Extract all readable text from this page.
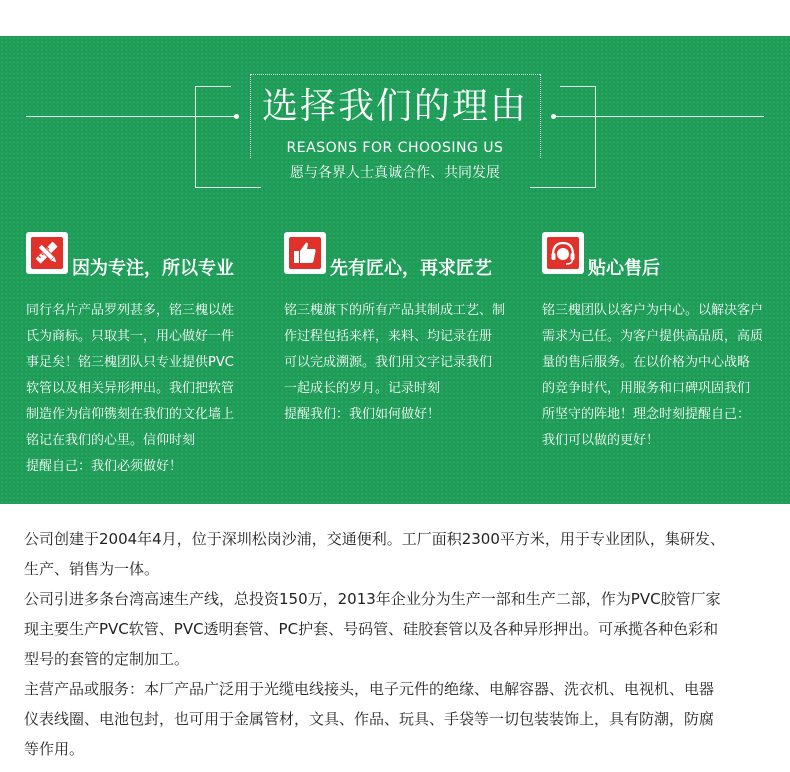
选择我们的理由
REASONS FOR CHOOSING US
愿与各界人士真诚合作、共同发展
因为专注，所以专业

同行名片产品罗列甚多，铭三槐以姓

氏为商标。只取其一，用心做好一件

事足矣！铭三槐团队只专业提供PVC

软管以及相关异形押出。我们把软管

制造作为信仰镌刻在我们的文化墙上

铭记在我们的心里。信仰时刻

提醒自己：我们必须做好！

先有匠心，再求匠艺

铭三槐旗下的所有产品其制成工艺、制

作过程包括来样，来料、均记录在册

可以完成溯源。我们用文字记录我们

一起成长的岁月。记录时刻

提醒我们：我们如何做好！

贴心售后

铭三槐团队以客户为中心。以解决客户

需求为己任。为客户提供高品质，高质

量的售后服务。在以价格为中心战略

的竞争时代，用服务和口碑巩固我们

所坚守的阵地！理念时刻提醒自己：

我们可以做的更好！

公司创建于2004年4月，位于深圳松岗沙浦，交通便利。工厂面积2300平方米，用于专业团队，集研发、

生产、销售为一体。

公司引进多条台湾高速生产线，总投资150万，2013年企业分为生产一部和生产二部，作为PVC胶管厂家

现主要生产PVC软管、PVC透明套管、PC护套、号码管、硅胶套管以及各种异形押出。可承揽各种色彩和

型号的套管的定制加工。

主营产品或服务：本厂产品广泛用于光缆电线接头，电子元件的绝缘、电解容器、洗衣机、电视机、电器

仪表线圈、电池包封，也可用于金属管材，文具、作品、玩具、手袋等一切包装装饰上，具有防潮，防腐

等作用。
